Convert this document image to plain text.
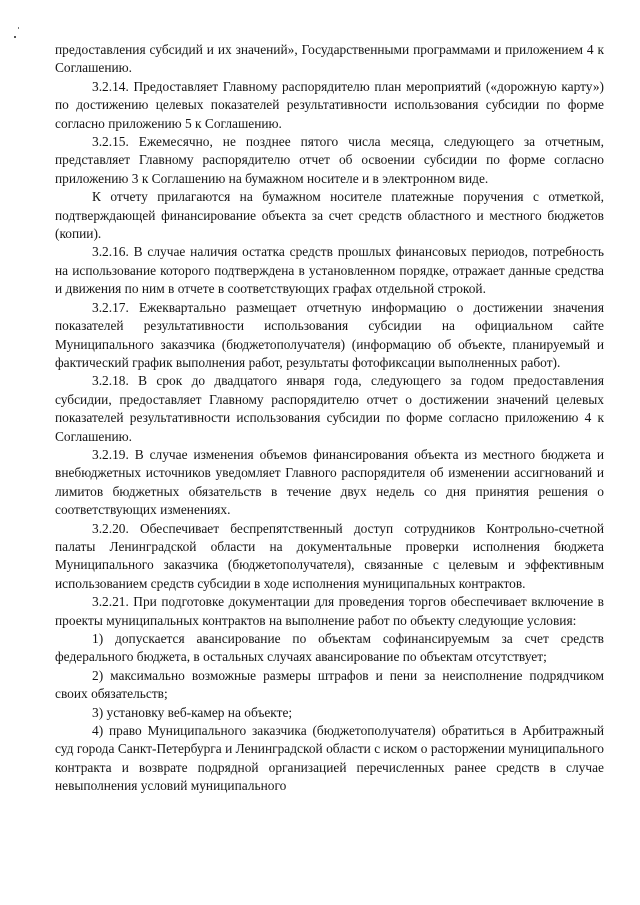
предоставления субсидий и их значений», Государственными программами и приложением 4 к Соглашению.

3.2.14. Предоставляет Главному распорядителю план мероприятий («дорожную карту») по достижению целевых показателей результативности использования субсидии по форме согласно приложению 5 к Соглашению.

3.2.15. Ежемесячно, не позднее пятого числа месяца, следующего за отчетным, представляет Главному распорядителю отчет об освоении субсидии по форме согласно приложению 3 к Соглашению на бумажном носителе и в электронном виде.

К отчету прилагаются на бумажном носителе платежные поручения с отметкой, подтверждающей финансирование объекта за счет средств областного и местного бюджетов (копии).

3.2.16. В случае наличия остатка средств прошлых финансовых периодов, потребность на использование которого подтверждена в установленном порядке, отражает данные средства и движения по ним в отчете в соответствующих графах отдельной строкой.

3.2.17. Ежеквартально размещает отчетную информацию о достижении значения показателей результативности использования субсидии на официальном сайте Муниципального заказчика (бюджетополучателя) (информацию об объекте, планируемый и фактический график выполнения работ, результаты фотофиксации выполненных работ).

3.2.18. В срок до двадцатого января года, следующего за годом предоставления субсидии, предоставляет Главному распорядителю отчет о достижении значений целевых показателей результативности использования субсидии по форме согласно приложению 4 к Соглашению.

3.2.19. В случае изменения объемов финансирования объекта из местного бюджета и внебюджетных источников уведомляет Главного распорядителя об изменении ассигнований и лимитов бюджетных обязательств в течение двух недель со дня принятия решения о соответствующих изменениях.

3.2.20. Обеспечивает беспрепятственный доступ сотрудников Контрольно-счетной палаты Ленинградской области на документальные проверки исполнения бюджета Муниципального заказчика (бюджетополучателя), связанные с целевым и эффективным использованием средств субсидии в ходе исполнения муниципальных контрактов.

3.2.21. При подготовке документации для проведения торгов обеспечивает включение в проекты муниципальных контрактов на выполнение работ по объекту следующие условия:

1) допускается авансирование по объектам софинансируемым за счет средств федерального бюджета, в остальных случаях авансирование по объектам отсутствует;

2) максимально возможные размеры штрафов и пени за неисполнение подрядчиком своих обязательств;

3) установку веб-камер на объекте;

4) право Муниципального заказчика (бюджетополучателя) обратиться в Арбитражный суд города Санкт-Петербурга и Ленинградской области с иском о расторжении муниципального контракта и возврате подрядной организацией перечисленных ранее средств в случае невыполнения условий муниципального
